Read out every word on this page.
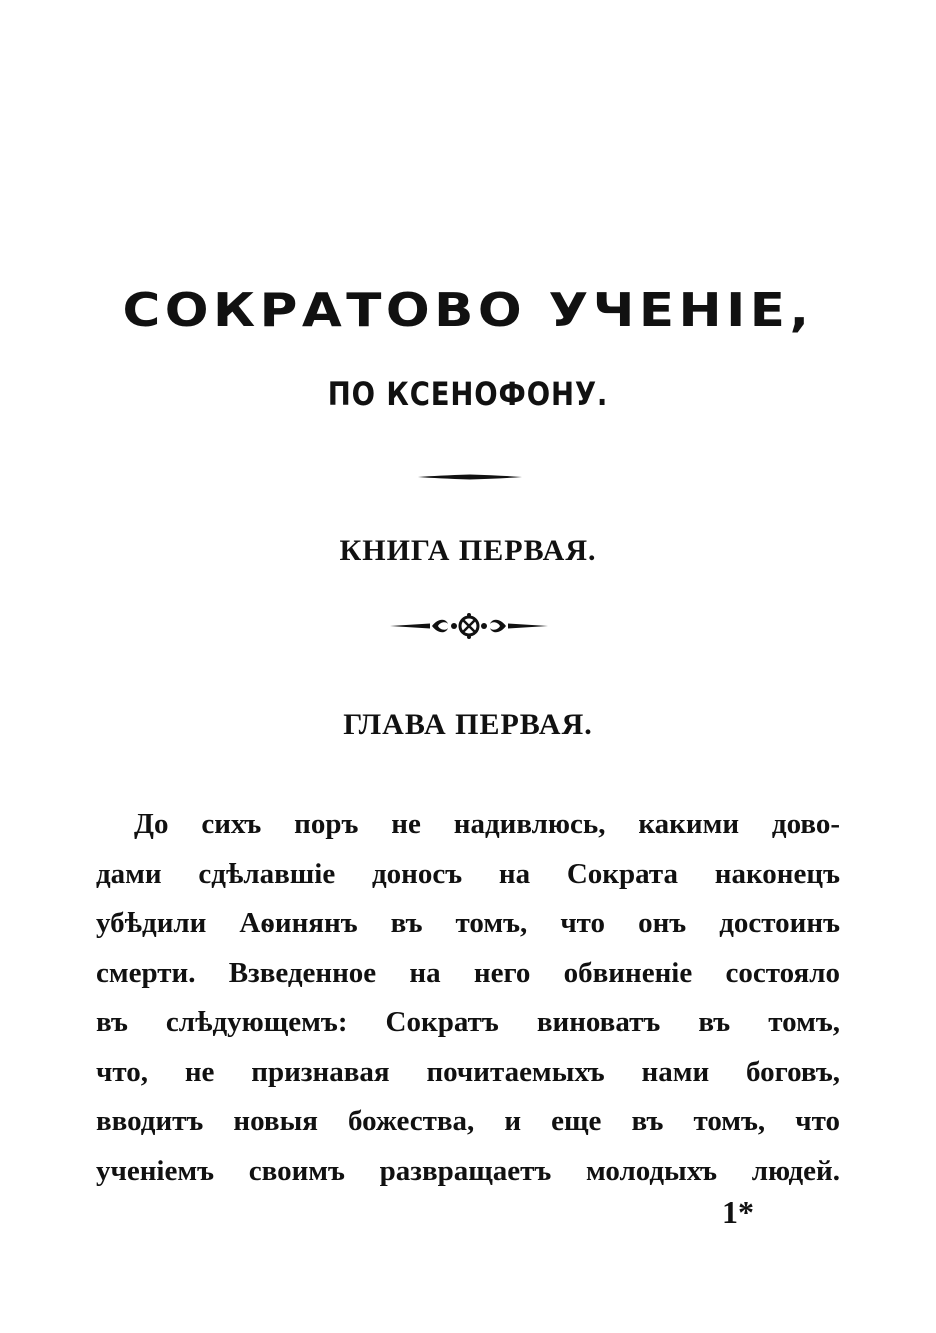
СОКРАТОВО УЧЕНІЕ,
ПО КСЕНОФОНУ.
КНИГА ПЕРВАЯ.
ГЛАВА ПЕРВАЯ.
До сихъ поръ не надивлюсь, какими дово-
дами сдѣлавшіе доносъ на Сократа наконецъ
убѣдили Аѳинянъ въ томъ, что онъ достоинъ
смерти. Взведенное на него обвиненіе состояло
въ слѣдующемъ: Сократъ виноватъ въ томъ,
что, не признавая почитаемыхъ нами боговъ,
вводитъ новыя божества, и еще въ томъ, что
ученіемъ своимъ развращаетъ молодыхъ людей.
1*
